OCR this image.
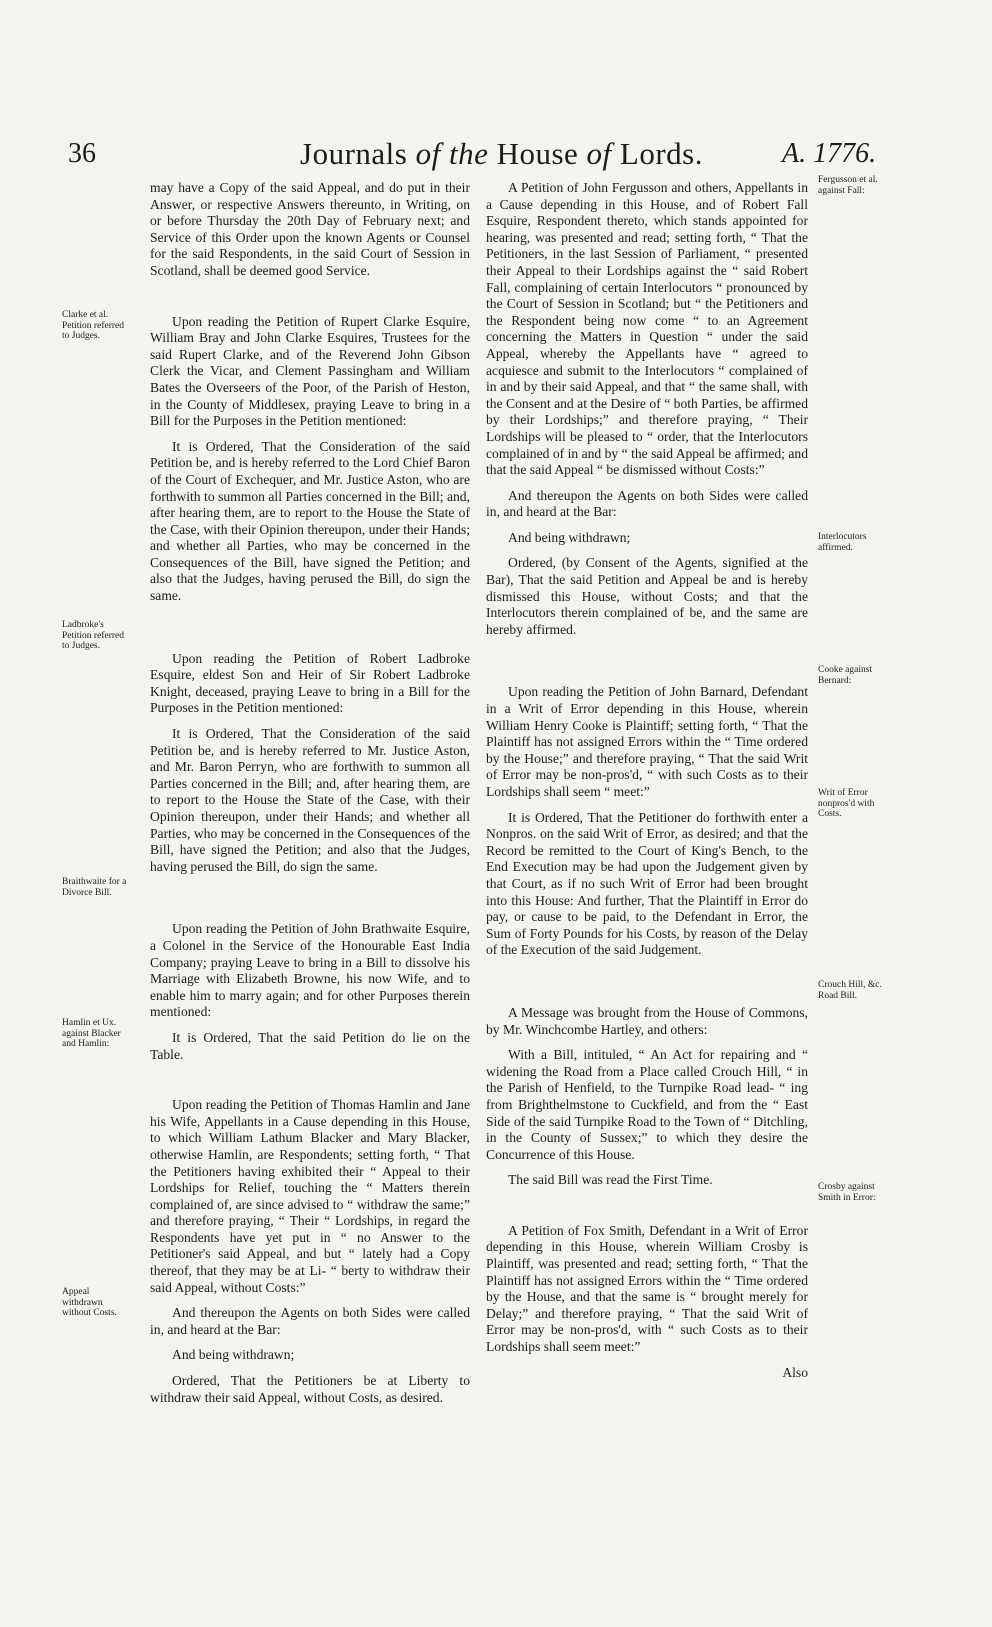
36	Journals of the House of Lords.	A. 1776.
Clarke et al. Petition referred to Judges.
Ladbroke's Petition referred to Judges.
Braithwaite for a Divorce Bill.
Hamlin et Ux. against Blacker and Hamlin:
Appeal withdrawn without Costs.
Fergusson et al. against Fall:
Interlocutors affirmed.
Cooke against Bernard:
Writ of Error nonpros'd with Costs.
Crouch Hill, &c. Road Bill.
Crosby against Smith in Error:

may have a Copy of the said Appeal, and do put in their Answer, or respective Answers thereunto, in Writing, on or before Thursday the 20th Day of February next; and Service of this Order upon the known Agents or Counsel for the said Respondents, in the said Court of Session in Scotland, shall be deemed good Service.

Upon reading the Petition of Rupert Clarke Esquire, William Bray and John Clarke Esquires, Trustees for the said Rupert Clarke, and of the Reverend John Gibson Clerk the Vicar, and Clement Passingham and William Bates the Overseers of the Poor, of the Parish of Heston, in the County of Middlesex, praying Leave to bring in a Bill for the Purposes in the Petition mentioned:

It is Ordered, That the Consideration of the said Petition be, and is hereby referred to the Lord Chief Baron of the Court of Exchequer, and Mr. Justice Aston, who are forthwith to summon all Parties concerned in the Bill; and, after hearing them, are to report to the House the State of the Case, with their Opinion thereupon, under their Hands; and whether all Parties, who may be concerned in the Consequences of the Bill, have signed the Petition; and also that the Judges, having perused the Bill, do sign the same.

Upon reading the Petition of Robert Ladbroke Esquire, eldest Son and Heir of Sir Robert Ladbroke Knight, deceased, praying Leave to bring in a Bill for the Purposes in the Petition mentioned:

It is Ordered, That the Consideration of the said Petition be, and is hereby referred to Mr. Justice Aston, and Mr. Baron Perryn, who are forthwith to summon all Parties concerned in the Bill; and, after hearing them, are to report to the House the State of the Case, with their Opinion thereupon, under their Hands; and whether all Parties, who may be concerned in the Consequences of the Bill, have signed the Petition; and also that the Judges, having perused the Bill, do sign the same.

Upon reading the Petition of John Brathwaite Esquire, a Colonel in the Service of the Honourable East India Company; praying Leave to bring in a Bill to dissolve his Marriage with Elizabeth Browne, his now Wife, and to enable him to marry again; and for other Purposes therein mentioned:

It is Ordered, That the said Petition do lie on the Table.

Upon reading the Petition of Thomas Hamlin and Jane his Wife, Appellants in a Cause depending in this House, to which William Lathum Blacker and Mary Blacker, otherwise Hamlin, are Respondents; setting forth, “ That the Petitioners having exhibited their “ Appeal to their Lordships for Relief, touching the “ Matters therein complained of, are since advised to “ withdraw the same;” and therefore praying, “ Their “ Lordships, in regard the Respondents have yet put in “ no Answer to the Petitioner's said Appeal, and but “ lately had a Copy thereof, that they may be at Li- “ berty to withdraw their said Appeal, without Costs:”

And thereupon the Agents on both Sides were called in, and heard at the Bar:

And being withdrawn;

Ordered, That the Petitioners be at Liberty to withdraw their said Appeal, without Costs, as desired.

A Petition of John Fergusson and others, Appellants in a Cause depending in this House, and of Robert Fall Esquire, Respondent thereto, which stands appointed for hearing, was presented and read; setting forth, “ That the Petitioners, in the last Session of Parliament, “ presented their Appeal to their Lordships against the “ said Robert Fall, complaining of certain Interlocutors “ pronounced by the Court of Session in Scotland; but “ the Petitioners and the Respondent being now come “ to an Agreement concerning the Matters in Question “ under the said Appeal, whereby the Appellants have “ agreed to acquiesce and submit to the Interlocutors “ complained of in and by their said Appeal, and that “ the same shall, with the Consent and at the Desire of “ both Parties, be affirmed by their Lordships;” and therefore praying, “ Their Lordships will be pleased to “ order, that the Interlocutors complained of in and by “ the said Appeal be affirmed; and that the said Appeal “ be dismissed without Costs:”

And thereupon the Agents on both Sides were called in, and heard at the Bar:

And being withdrawn;

Ordered, (by Consent of the Agents, signified at the Bar), That the said Petition and Appeal be and is hereby dismissed this House, without Costs; and that the Interlocutors therein complained of be, and the same are hereby affirmed.

Upon reading the Petition of John Barnard, Defendant in a Writ of Error depending in this House, wherein William Henry Cooke is Plaintiff; setting forth, “ That the Plaintiff has not assigned Errors within the “ Time ordered by the House;” and therefore praying, “ That the said Writ of Error may be non-pros'd, “ with such Costs as to their Lordships shall seem “ meet:”

It is Ordered, That the Petitioner do forthwith enter a Nonpros. on the said Writ of Error, as desired; and that the Record be remitted to the Court of King's Bench, to the End Execution may be had upon the Judgement given by that Court, as if no such Writ of Error had been brought into this House: And further, That the Plaintiff in Error do pay, or cause to be paid, to the Defendant in Error, the Sum of Forty Pounds for his Costs, by reason of the Delay of the Execution of the said Judgement.

A Message was brought from the House of Commons, by Mr. Winchcombe Hartley, and others:

With a Bill, intituled, “ An Act for repairing and “ widening the Road from a Place called Crouch Hill, “ in the Parish of Henfield, to the Turnpike Road lead- “ ing from Brighthelmstone to Cuckfield, and from the “ East Side of the said Turnpike Road to the Town of “ Ditchling, in the County of Sussex;” to which they desire the Concurrence of this House.

The said Bill was read the First Time.

A Petition of Fox Smith, Defendant in a Writ of Error depending in this House, wherein William Crosby is Plaintiff, was presented and read; setting forth, “ That the Plaintiff has not assigned Errors within the “ Time ordered by the House, and that the same is “ brought merely for Delay;” and therefore praying, “ That the said Writ of Error may be non-pros'd, with “ such Costs as to their Lordships shall seem meet:”

Also
